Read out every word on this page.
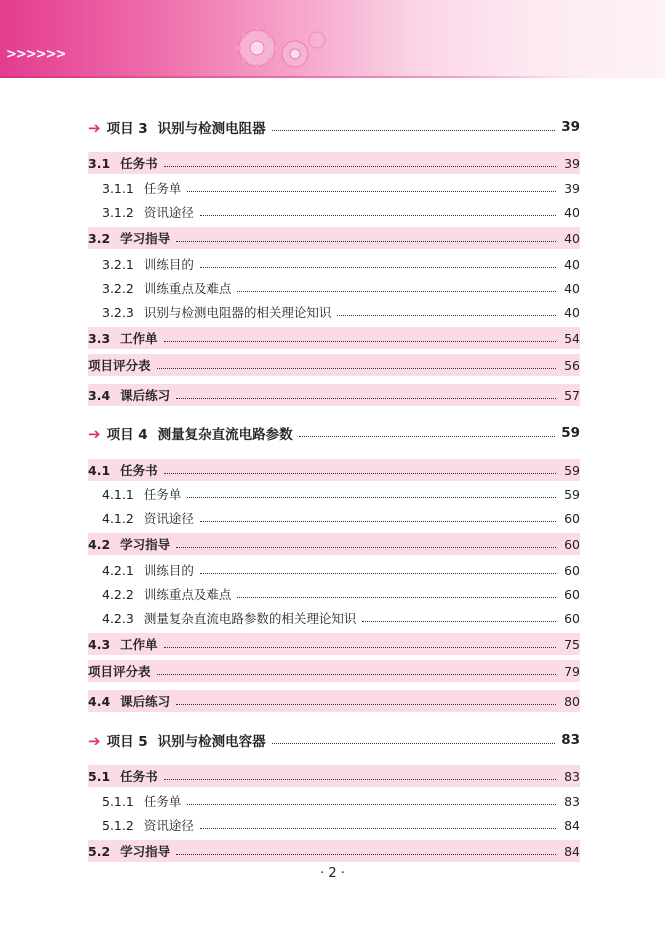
>>>>>>
➔ 项目 3 识别与检测电阻器	39
3.1 任务书	39
3.1.1 任务单	39
3.1.2 资讯途径	40
3.2 学习指导	40
3.2.1 训练目的	40
3.2.2 训练重点及难点	40
3.2.3 识别与检测电阻器的相关理论知识	40
3.3 工作单	54
项目评分表	56
3.4 课后练习	57
➔ 项目 4 测量复杂直流电路参数	59
4.1 任务书	59
4.1.1 任务单	59
4.1.2 资讯途径	60
4.2 学习指导	60
4.2.1 训练目的	60
4.2.2 训练重点及难点	60
4.2.3 测量复杂直流电路参数的相关理论知识	60
4.3 工作单	75
项目评分表	79
4.4 课后练习	80
➔ 项目 5 识别与检测电容器	83
5.1 任务书	83
5.1.1 任务单	83
5.1.2 资讯途径	84
5.2 学习指导	84
· 2 ·
